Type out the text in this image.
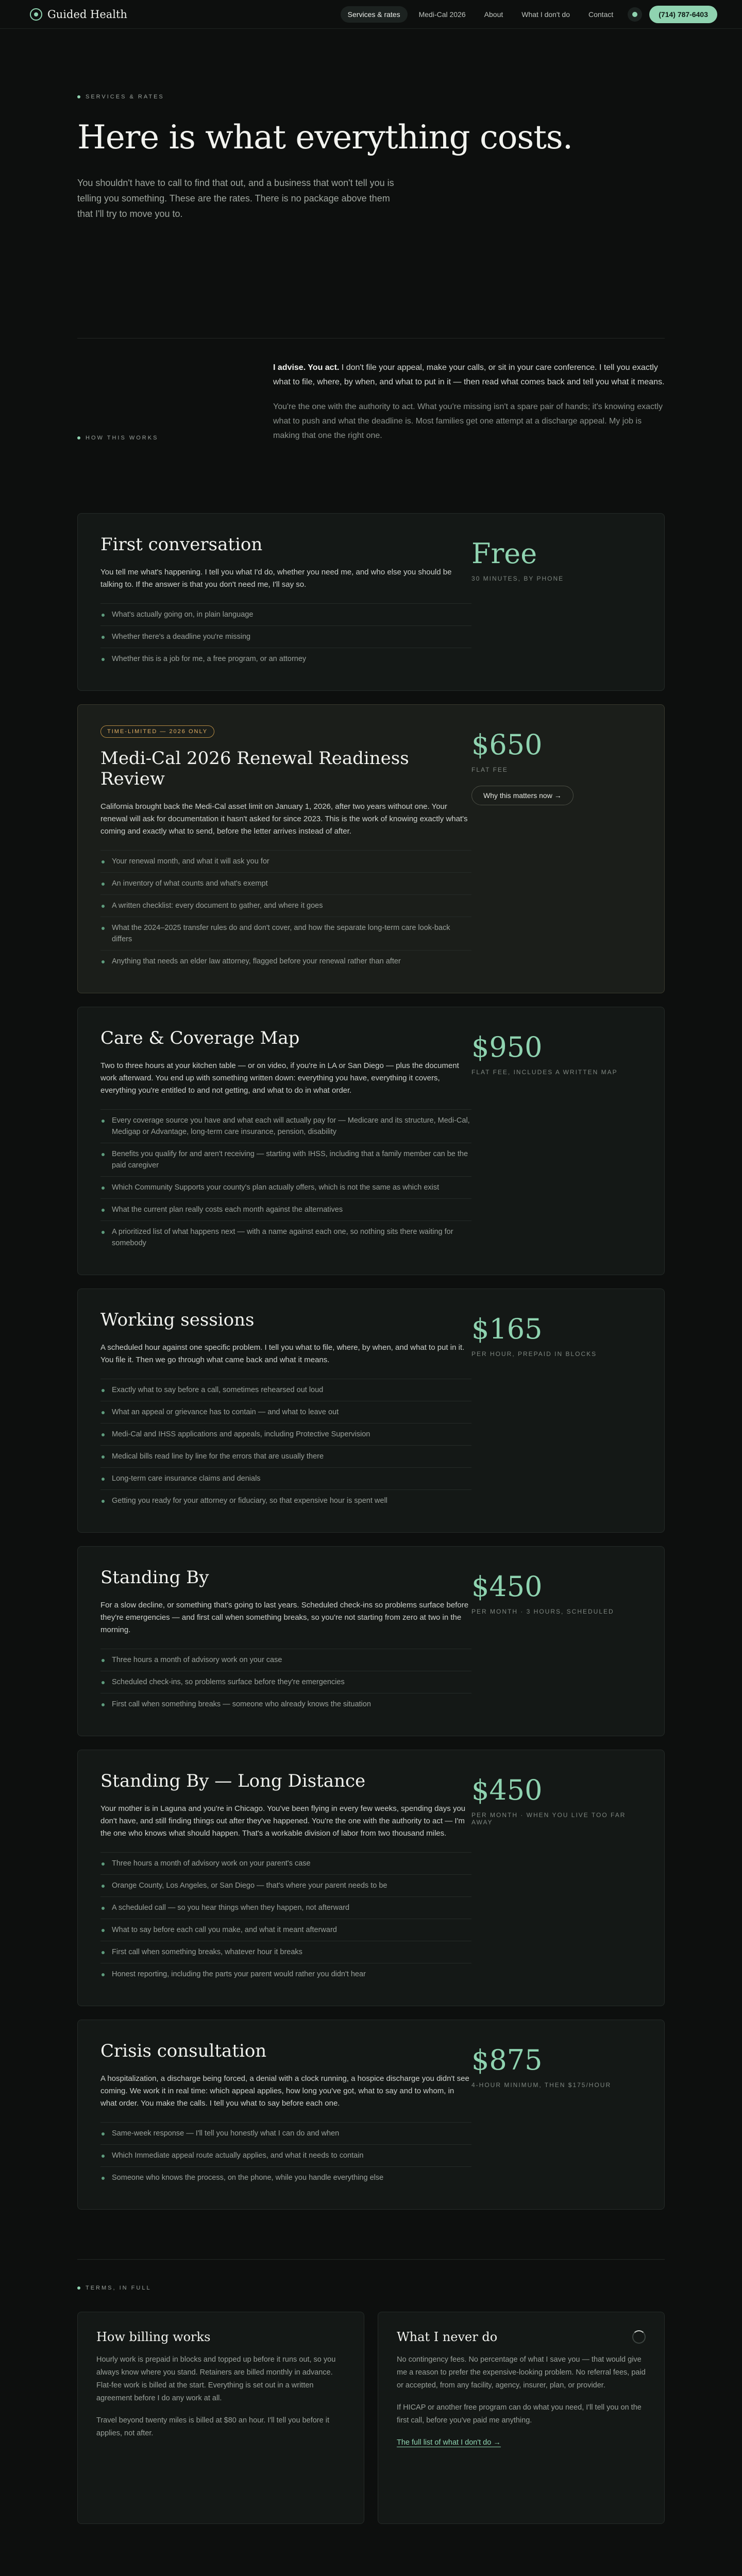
Guided Health	Services & rates	Medi-Cal 2026	About	What I don't do	Contact	(714) 787-6403
SERVICES & RATES
Here is what everything costs.

You shouldn't have to call to find that out, and a business that won't tell you is telling you something. These are the rates. There is no package above them that I'll try to move you to.

HOW THIS WORKS

I advise. You act. I don't file your appeal, make your calls, or sit in your care conference. I tell you exactly what to file, where, by when, and what to put in it — then read what comes back and tell you what it means.

You're the one with the authority to act. What you're missing isn't a spare pair of hands; it's knowing exactly what to push and what the deadline is. Most families get one attempt at a discharge appeal. My job is making that one the right one.

First conversation

You tell me what's happening. I tell you what I'd do, whether you need me, and who else you should be talking to. If the answer is that you don't need me, I'll say so.

What's actually going on, in plain language
Whether there's a deadline you're missing
Whether this is a job for me, a free program, or an attorney
Free
30 MINUTES, BY PHONE
TIME-LIMITED — 2026 ONLY
Medi-Cal 2026 Renewal Readiness Review

California brought back the Medi-Cal asset limit on January 1, 2026, after two years without one. Your renewal will ask for documentation it hasn't asked for since 2023. This is the work of knowing exactly what's coming and exactly what to send, before the letter arrives instead of after.

Your renewal month, and what it will ask you for
An inventory of what counts and what's exempt
A written checklist: every document to gather, and where it goes
What the 2024–2025 transfer rules do and don't cover, and how the separate long-term care look-back differs
Anything that needs an elder law attorney, flagged before your renewal rather than after
$650
FLAT FEE
Why this matters now →
Care & Coverage Map

Two to three hours at your kitchen table — or on video, if you're in LA or San Diego — plus the document work afterward. You end up with something written down: everything you have, everything it covers, everything you're entitled to and not getting, and what to do in what order.

Every coverage source you have and what each will actually pay for — Medicare and its structure, Medi-Cal, Medigap or Advantage, long-term care insurance, pension, disability
Benefits you qualify for and aren't receiving — starting with IHSS, including that a family member can be the paid caregiver
Which Community Supports your county's plan actually offers, which is not the same as which exist
What the current plan really costs each month against the alternatives
A prioritized list of what happens next — with a name against each one, so nothing sits there waiting for somebody
$950
FLAT FEE, INCLUDES A WRITTEN MAP
Working sessions

A scheduled hour against one specific problem. I tell you what to file, where, by when, and what to put in it. You file it. Then we go through what came back and what it means.

Exactly what to say before a call, sometimes rehearsed out loud
What an appeal or grievance has to contain — and what to leave out
Medi-Cal and IHSS applications and appeals, including Protective Supervision
Medical bills read line by line for the errors that are usually there
Long-term care insurance claims and denials
Getting you ready for your attorney or fiduciary, so that expensive hour is spent well
$165
PER HOUR, PREPAID IN BLOCKS
Standing By

For a slow decline, or something that's going to last years. Scheduled check-ins so problems surface before they're emergencies — and first call when something breaks, so you're not starting from zero at two in the morning.

Three hours a month of advisory work on your case
Scheduled check-ins, so problems surface before they're emergencies
First call when something breaks — someone who already knows the situation
$450
PER MONTH · 3 HOURS, SCHEDULED
Standing By — Long Distance

Your mother is in Laguna and you're in Chicago. You've been flying in every few weeks, spending days you don't have, and still finding things out after they've happened. You're the one with the authority to act — I'm the one who knows what should happen. That's a workable division of labor from two thousand miles.

Three hours a month of advisory work on your parent's case
Orange County, Los Angeles, or San Diego — that's where your parent needs to be
A scheduled call — so you hear things when they happen, not afterward
What to say before each call you make, and what it meant afterward
First call when something breaks, whatever hour it breaks
Honest reporting, including the parts your parent would rather you didn't hear
$450
PER MONTH · WHEN YOU LIVE TOO FAR AWAY
Crisis consultation

A hospitalization, a discharge being forced, a denial with a clock running, a hospice discharge you didn't see coming. We work it in real time: which appeal applies, how long you've got, what to say and to whom, in what order. You make the calls. I tell you what to say before each one.

Same-week response — I'll tell you honestly what I can do and when
Which Immediate appeal route actually applies, and what it needs to contain
Someone who knows the process, on the phone, while you handle everything else
$875
4-HOUR MINIMUM, THEN $175/HOUR
TERMS, IN FULL
How billing works

Hourly work is prepaid in blocks and topped up before it runs out, so you always know where you stand. Retainers are billed monthly in advance. Flat-fee work is billed at the start. Everything is set out in a written agreement before I do any work at all.

Travel beyond twenty miles is billed at $80 an hour. I'll tell you before it applies, not after.

What I never do

No contingency fees. No percentage of what I save you — that would give me a reason to prefer the expensive-looking problem. No referral fees, paid or accepted, from any facility, agency, insurer, plan, or provider.

If HICAP or another free program can do what you need, I'll tell you on the first call, before you've paid me anything.

The full list of what I don't do →
